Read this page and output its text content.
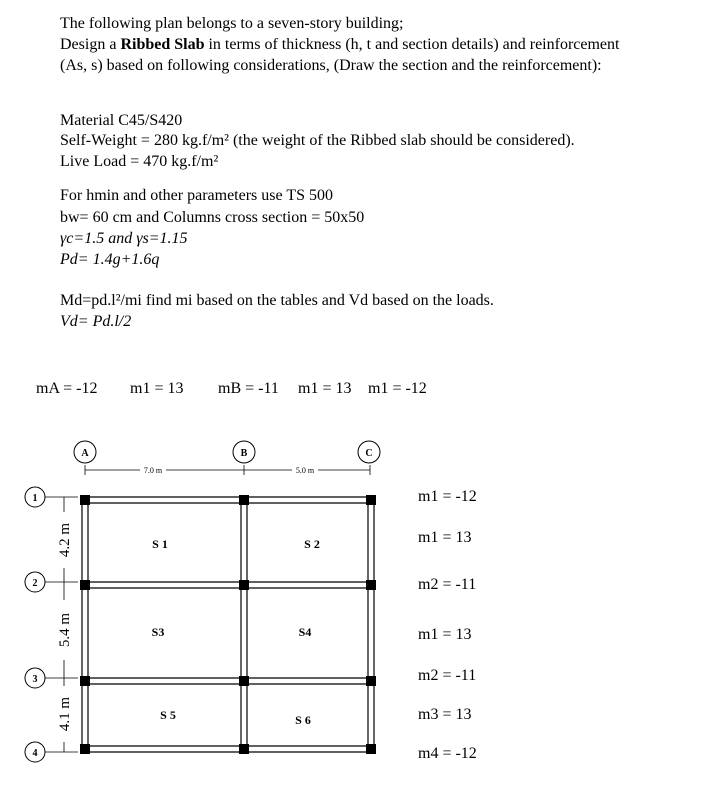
The following plan belongs to a seven-story building;
Design a Ribbed Slab in terms of thickness (h, t and section details) and reinforcement
(As, s) based on following considerations, (Draw the section and the reinforcement):
Material C45/S420
Self-Weight = 280 kg.f/m² (the weight of the Ribbed slab should be considered).
Live Load = 470 kg.f/m²
For hmin and other parameters use TS 500
bw= 60 cm and Columns cross section = 50x50
γc=1.5 and γs=1.15
Pd= 1.4g+1.6q
Md=pd.l²/mi find mi based on the tables and Vd based on the loads.
Vd= Pd.l/2
mA = -12 m1 = 13 mB = -11 m1 = 13 m1 = -12
A	B	C
7.0 m	5.0 m
1
2
3
4
4.2 m
5.4 m
4.1 m
S 1	S 2
S3	S4
S 5	S 6
m1 = -12
m1 = 13
m2 = -11
m1 = 13
m2 = -11
m3 = 13
m4 = -12
